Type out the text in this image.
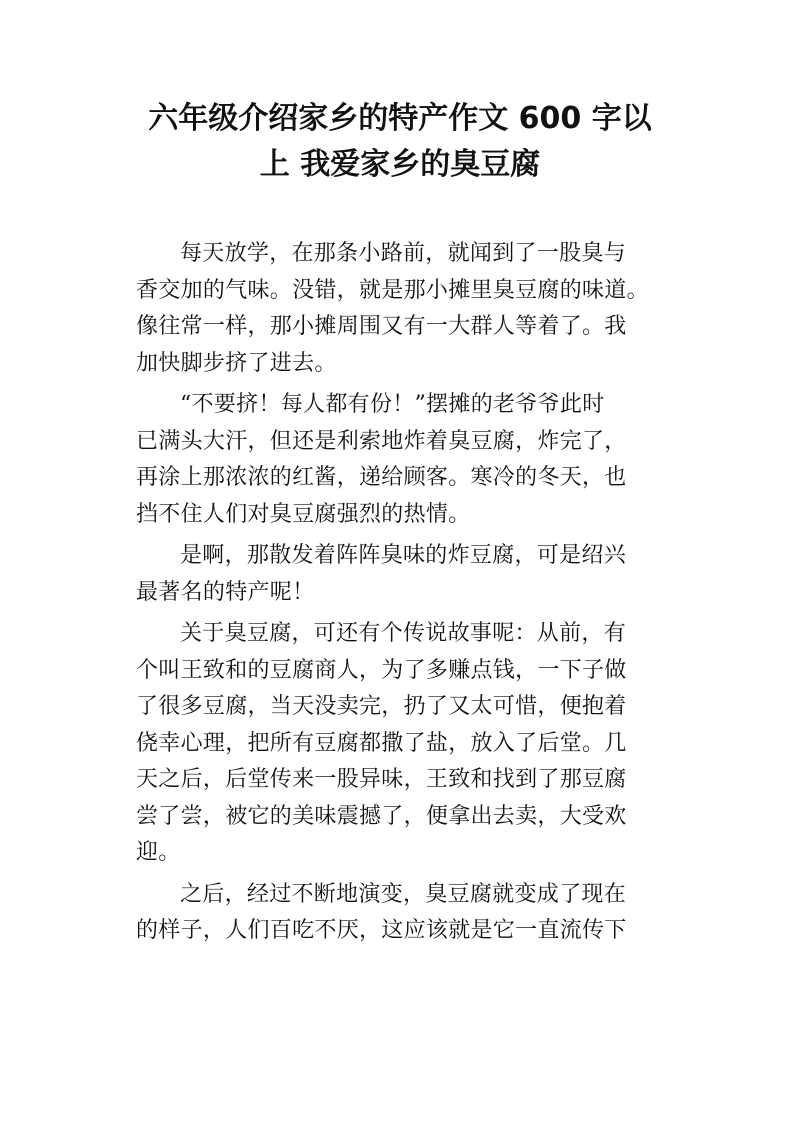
六年级介绍家乡的特产作文 600 字以
上 我爱家乡的臭豆腐
每天放学，在那条小路前，就闻到了一股臭与
香交加的气味。没错，就是那小摊里臭豆腐的味道。
像往常一样，那小摊周围又有一大群人等着了。我
加快脚步挤了进去。
“不要挤！每人都有份！”摆摊的老爷爷此时
已满头大汗，但还是利索地炸着臭豆腐，炸完了，
再涂上那浓浓的红酱，递给顾客。寒冷的冬天，也
挡不住人们对臭豆腐强烈的热情。
是啊，那散发着阵阵臭味的炸豆腐，可是绍兴
最著名的特产呢！
关于臭豆腐，可还有个传说故事呢：从前，有
个叫王致和的豆腐商人，为了多赚点钱，一下子做
了很多豆腐，当天没卖完，扔了又太可惜，便抱着
侥幸心理，把所有豆腐都撒了盐，放入了后堂。几
天之后，后堂传来一股异味，王致和找到了那豆腐
尝了尝，被它的美味震撼了，便拿出去卖，大受欢
迎。
之后，经过不断地演变，臭豆腐就变成了现在
的样子，人们百吃不厌，这应该就是它一直流传下
